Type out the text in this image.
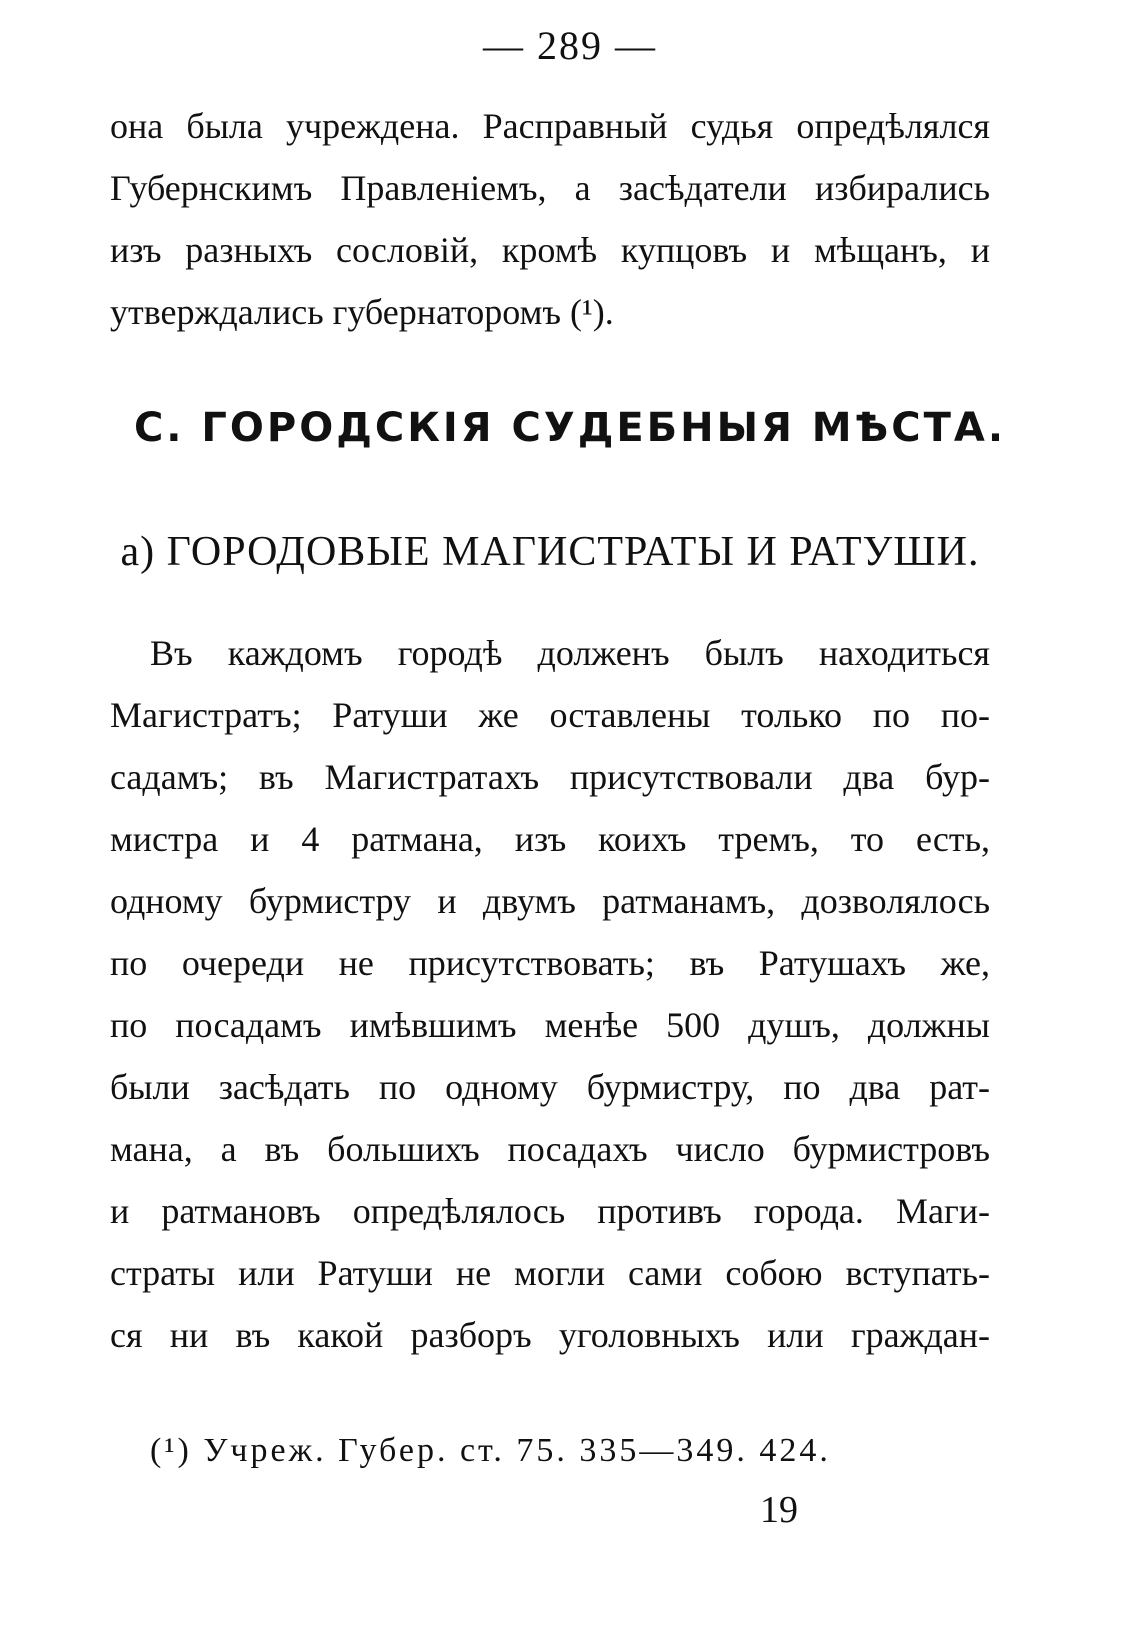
— 289 —
она была учреждена. Расправный судья опредѣлялся
Губернскимъ Правленіемъ, а засѣдатели избирались
изъ разныхъ сословій, кромѣ купцовъ и мѣщанъ, и
утверждались губернаторомъ (¹).
C. ГОРОДСКІЯ СУДЕБНЫЯ МѢСТА.
а) ГОРОДОВЫЕ МАГИСТРАТЫ И РАТУШИ.
Въ каждомъ городѣ долженъ былъ находиться
Магистратъ; Ратуши же оставлены только по по-
садамъ; въ Магистратахъ присутствовали два бур-
мистра и 4 ратмана, изъ коихъ тремъ, то есть,
одному бурмистру и двумъ ратманамъ, дозволялось
по очереди не присутствовать; въ Ратушахъ же,
по посадамъ имѣвшимъ менѣе 500 душъ, должны
были засѣдать по одному бурмистру, по два рат-
мана, а въ большихъ посадахъ число бурмистровъ
и ратмановъ опредѣлялось противъ города. Маги-
страты или Ратуши не могли сами собою вступать-
ся ни въ какой разборъ уголовныхъ или граждан-
(¹) Учреж. Губер. ст. 75. 335—349. 424.
19
